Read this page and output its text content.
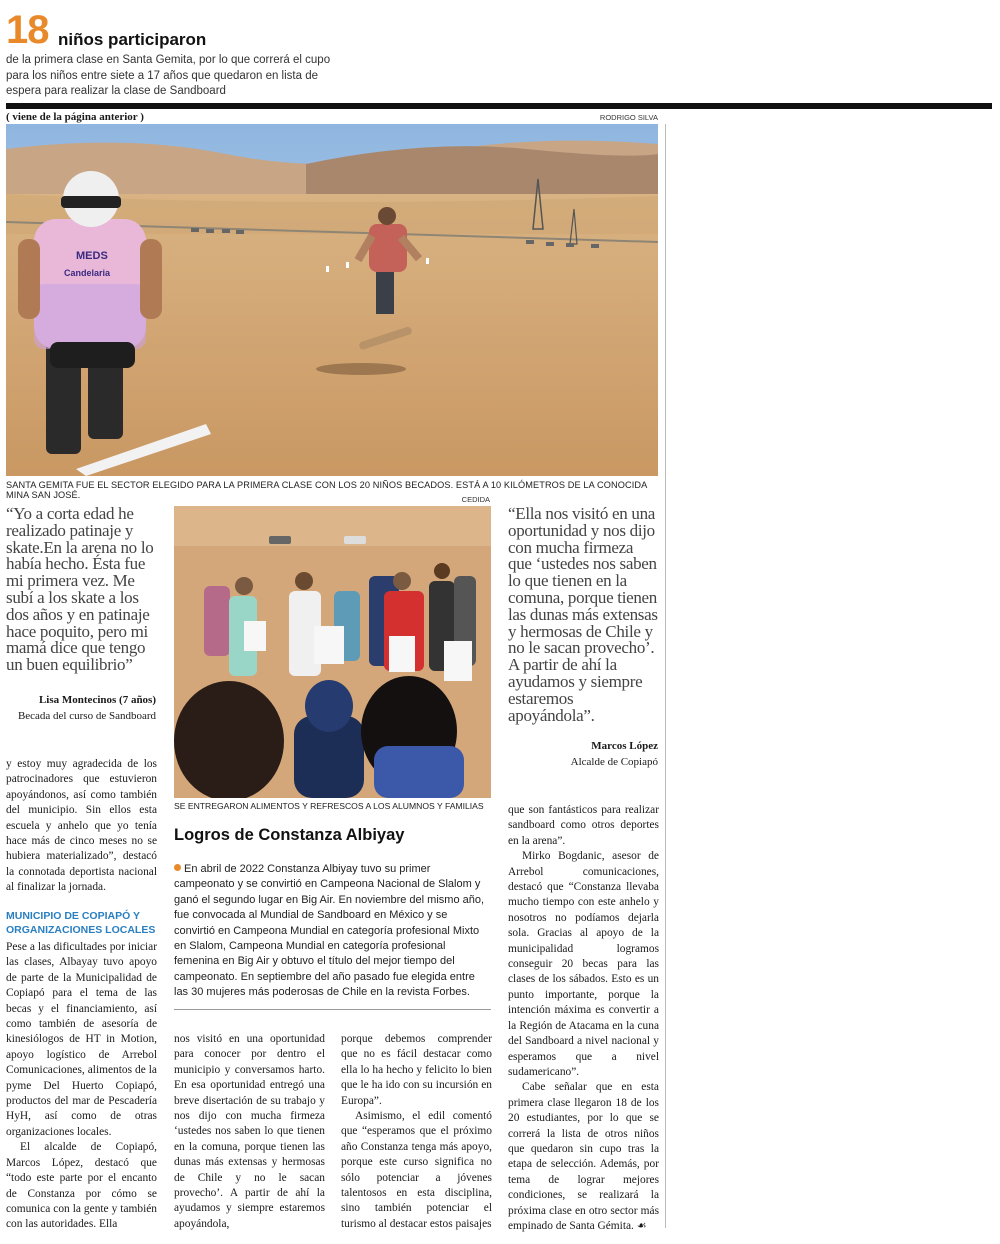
18 niños participaron
de la primera clase en Santa Gemita, por lo que correrá el cupo para los niños entre siete a 17 años que quedaron en lista de espera para realizar la clase de Sandboard
( viene de la página anterior )	RODRIGO SILVA
MEDS
Candelaria
SANTA GEMITA FUE EL SECTOR ELEGIDO PARA LA PRIMERA CLASE CON LOS 20 NIÑOS BECADOS. ESTÁ A 10 KILÓMETROS DE LA CONOCIDA MINA SAN JOSÉ.	CEDIDA
SE ENTREGARON ALIMENTOS Y REFRESCOS A LOS ALUMNOS Y FAMILIAS
“Yo a corta edad he realizado patinaje y skate.En la arena no lo había hecho. Ésta fue mi primera vez. Me subí a los skate a los dos años y en patinaje hace poquito, pero mi mamá dice que tengo un buen equilibrio”
Lisa Montecinos (7 años)
Becada del curso de Sandboard
“Ella nos visitó en una oportunidad y nos dijo con mucha firmeza que ‘ustedes nos saben lo que tienen en la comuna, porque tienen las dunas más extensas y hermosas de Chile y no le sacan provecho’. A partir de ahí la ayudamos y siempre estaremos apoyándola”.
Marcos López
Alcalde de Copiapó

y estoy muy agradecida de los patrocinadores que estuvieron apoyándonos, así como también del municipio. Sin ellos esta escuela y anhelo que yo tenía hace más de cinco meses no se hubiera materializado”, destacó la connotada deportista nacional al finalizar la jornada.

MUNICIPIO DE COPIAPÓ Y ORGANIZACIONES LOCALES

Pese a las dificultades por iniciar las clases, Albayay tuvo apoyo de parte de la Municipalidad de Copiapó para el tema de las becas y el financiamiento, así como también de asesoría de kinesiólogos de HT in Motion, apoyo logístico de Arrebol Comunicaciones, alimentos de la pyme Del Huerto Copiapó, productos del mar de Pescadería HyH, así como de otras organizaciones locales.

El alcalde de Copiapó, Marcos López, destacó que “todo este parte por el encanto de Constanza por cómo se comunica con la gente y también con las autoridades. Ella

Logros de Constanza Albiyay
En abril de 2022 Constanza Albiyay tuvo su primer campeonato y se convirtió en Campeona Nacional de Slalom y ganó el segundo lugar en Big Air. En noviembre del mismo año, fue convocada al Mundial de Sandboard en México y se convirtió en Campeona Mundial en categoría profesional Mixto en Slalom, Campeona Mundial en categoría profesional femenina en Big Air y obtuvo el título del mejor tiempo del campeonato. En septiembre del año pasado fue elegida entre las 30 mujeres más poderosas de Chile en la revista Forbes.

nos visitó en una oportunidad para conocer por dentro el municipio y conversamos harto. En esa oportunidad entregó una breve disertación de su trabajo y nos dijo con mucha firmeza ‘ustedes nos saben lo que tienen en la comuna, porque tienen las dunas más extensas y hermosas de Chile y no le sacan provecho’. A partir de ahí la ayudamos y siempre estaremos apoyándola,

porque debemos comprender que no es fácil destacar como ella lo ha hecho y felicito lo bien que le ha ido con su incursión en Europa”.

Asimismo, el edil comentó que “esperamos que el próximo año Constanza tenga más apoyo, porque este curso significa no sólo potenciar a jóvenes talentosos en esta disciplina, sino también potenciar el turismo al destacar estos paisajes

que son fantásticos para realizar sandboard como otros deportes en la arena”.

Mirko Bogdanic, asesor de Arrebol comunicaciones, destacó que “Constanza llevaba mucho tiempo con este anhelo y nosotros no podíamos dejarla sola. Gracias al apoyo de la municipalidad logramos conseguir 20 becas para las clases de los sábados. Esto es un punto importante, porque la intención máxima es convertir a la Región de Atacama en la cuna del Sandboard a nivel nacional y esperamos que a nivel sudamericano”.

Cabe señalar que en esta primera clase llegaron 18 de los 20 estudiantes, por lo que se correrá la lista de otros niños que quedaron sin cupo tras la etapa de selección. Además, por tema de lograr mejores condiciones, se realizará la próxima clase en otro sector más empinado de Santa Gémita. ☙
